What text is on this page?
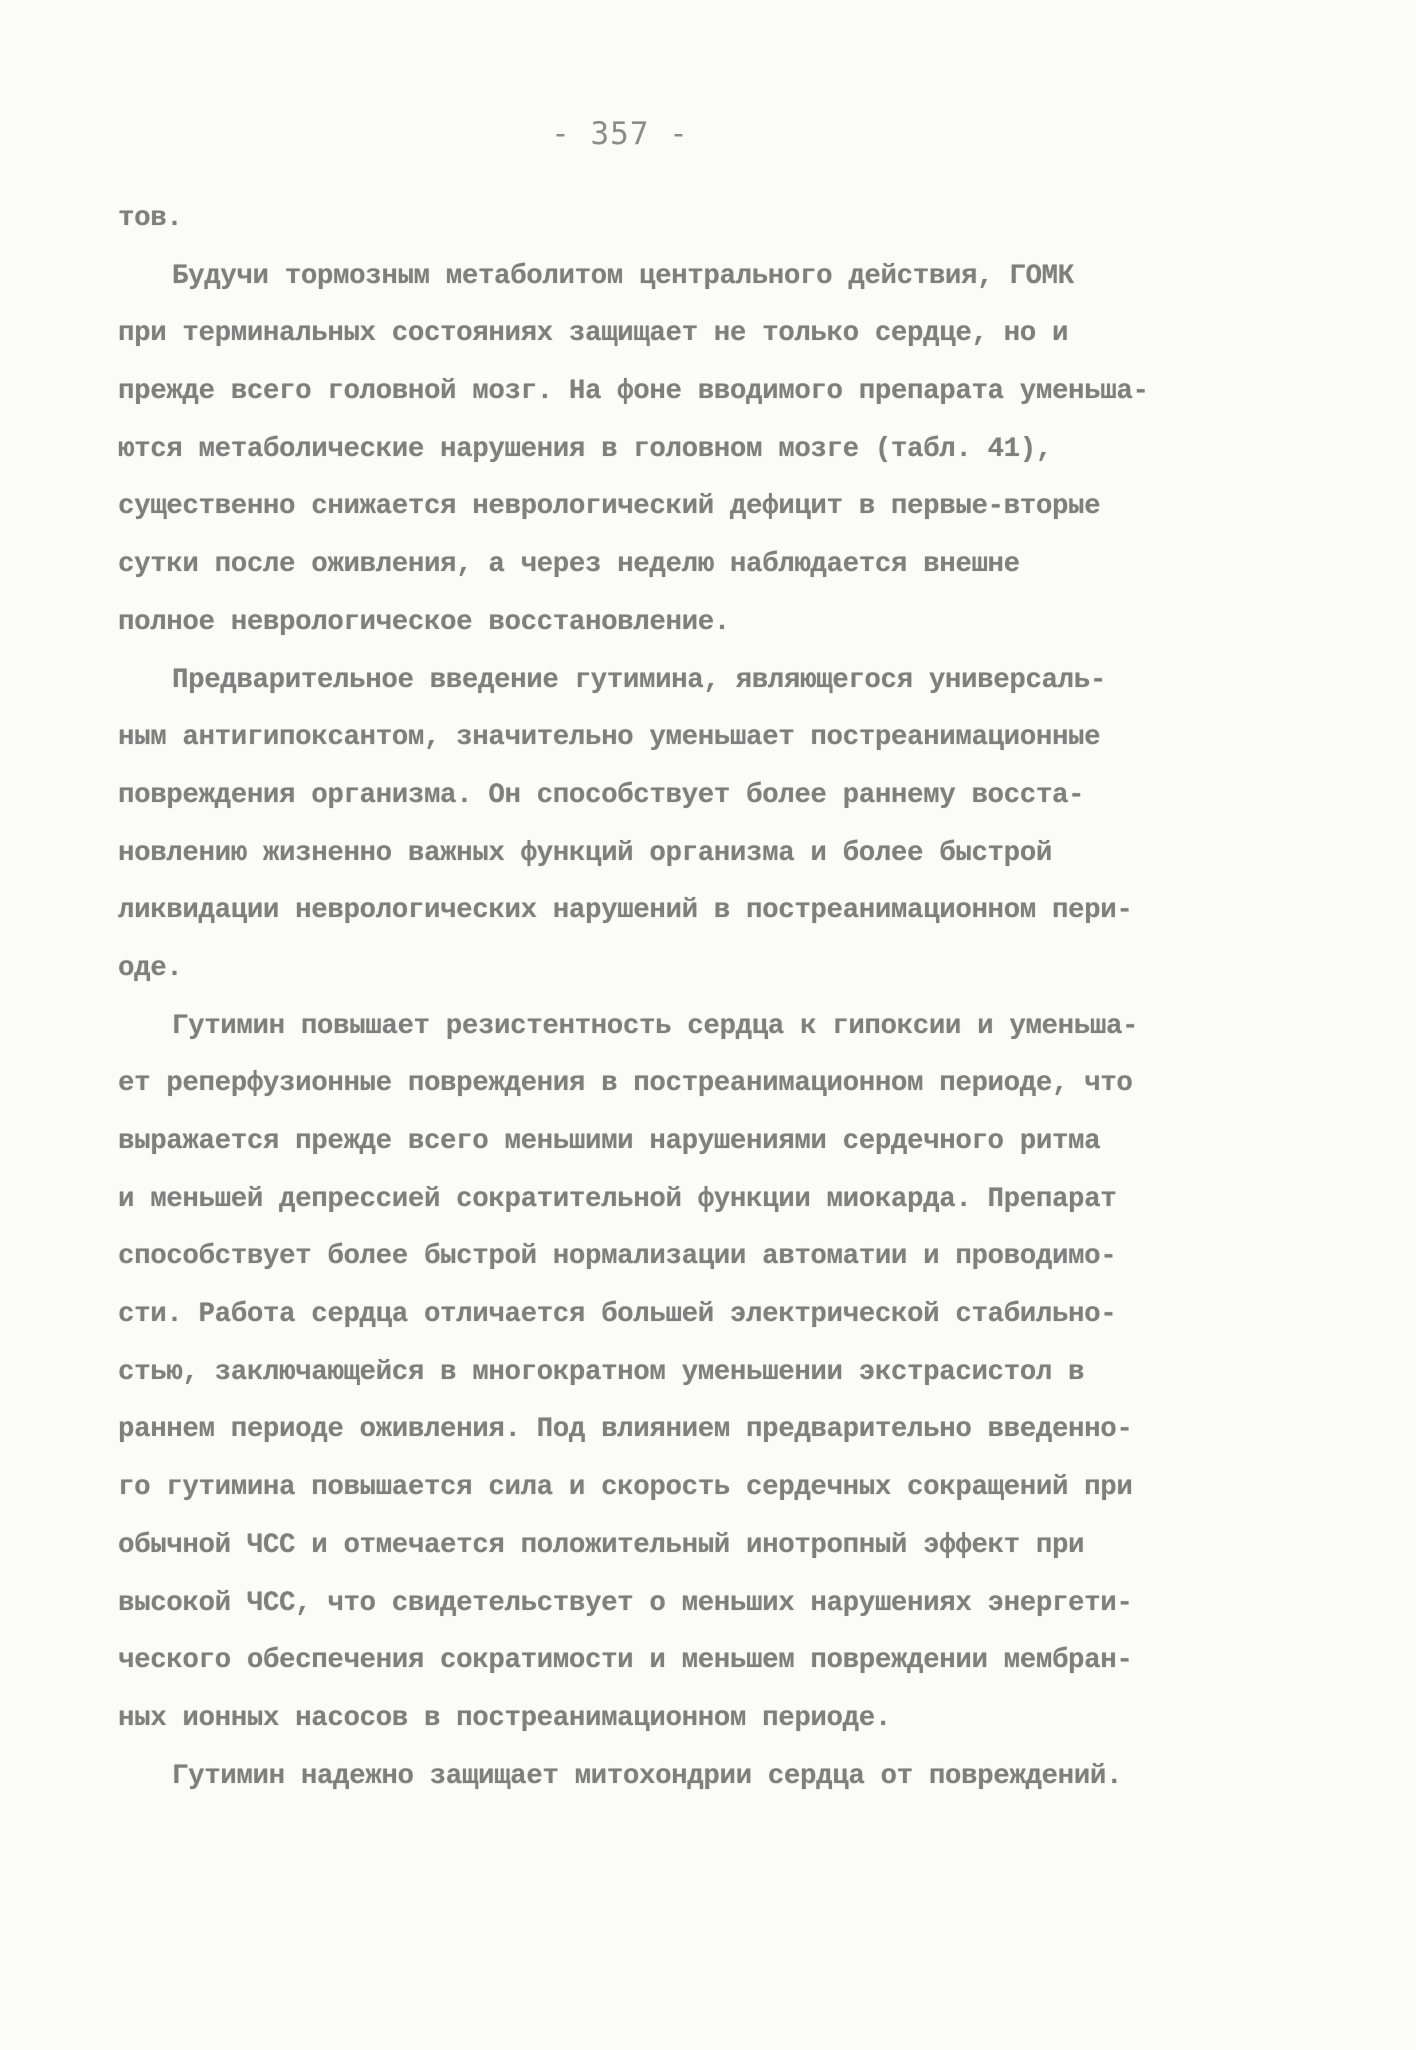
- 357 -
тов.
Будучи тормозным метаболитом центрального действия, ГОМК
при терминальных состояниях защищает не только сердце, но и
прежде всего головной мозг. На фоне вводимого препарата уменьша-
ются метаболические нарушения в головном мозге (табл. 41),
существенно снижается неврологический дефицит в первые-вторые
сутки после оживления, а через неделю наблюдается внешне
полное неврологическое восстановление.
Предварительное введение гутимина, являющегося универсаль-
ным антигипоксантом, значительно уменьшает постреанимационные
повреждения организма. Он способствует более раннему восста-
новлению жизненно важных функций организма и более быстрой
ликвидации неврологических нарушений в постреанимационном пери-
оде.
Гутимин повышает резистентность сердца к гипоксии и уменьша-
ет реперфузионные повреждения в постреанимационном периоде, что
выражается прежде всего меньшими нарушениями сердечного ритма
и меньшей депрессией сократительной функции миокарда. Препарат
способствует более быстрой нормализации автоматии и проводимо-
сти. Работа сердца отличается большей электрической стабильно-
стью, заключающейся в многократном уменьшении экстрасистол в
раннем периоде оживления. Под влиянием предварительно введенно-
го гутимина повышается сила и скорость сердечных сокращений при
обычной ЧСС и отмечается положительный инотропный эффект при
высокой ЧСС, что свидетельствует о меньших нарушениях энергети-
ческого обеспечения сократимости и меньшем повреждении мембран-
ных ионных насосов в постреанимационном периоде.
Гутимин надежно защищает митохондрии сердца от повреждений.
